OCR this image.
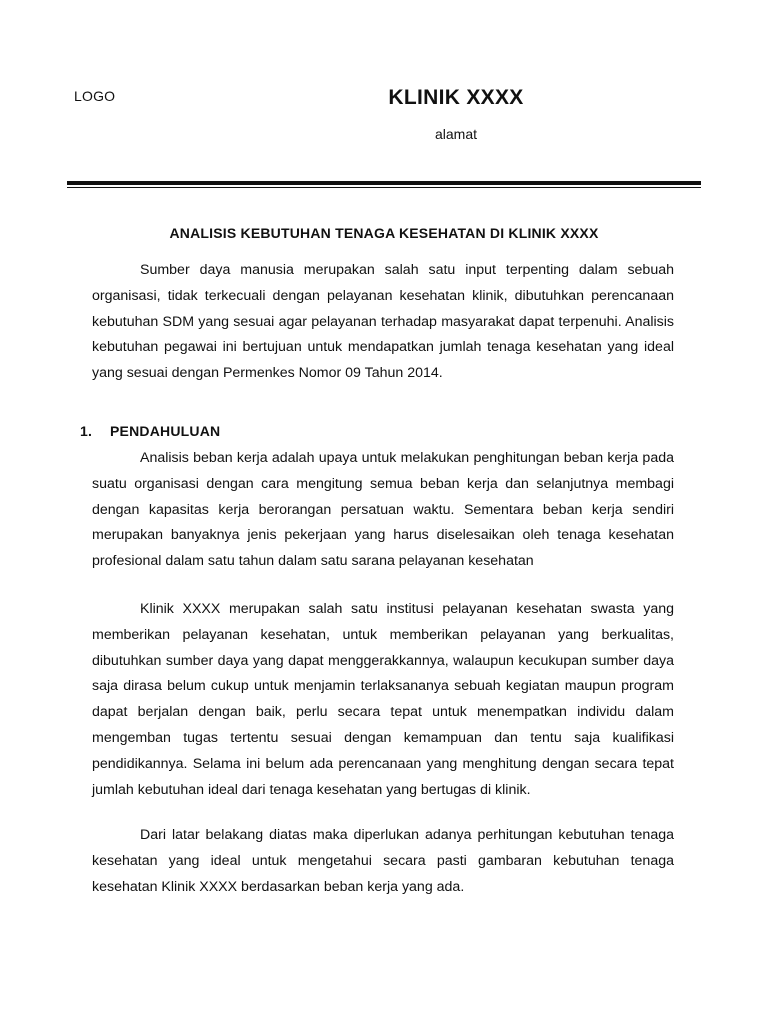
LOGO	KLINIK XXXX
alamat
ANALISIS KEBUTUHAN TENAGA KESEHATAN DI KLINIK XXXX

Sumber daya manusia merupakan salah satu input terpenting dalam sebuah organisasi, tidak terkecuali dengan pelayanan kesehatan klinik, dibutuhkan perencanaan kebutuhan SDM yang sesuai agar pelayanan terhadap masyarakat dapat terpenuhi. Analisis kebutuhan pegawai ini bertujuan untuk mendapatkan jumlah tenaga kesehatan yang ideal yang sesuai dengan Permenkes Nomor 09 Tahun 2014.

1. PENDAHULUAN

Analisis beban kerja adalah upaya untuk melakukan penghitungan beban kerja pada suatu organisasi dengan cara mengitung semua beban kerja dan selanjutnya membagi dengan kapasitas kerja berorangan persatuan waktu. Sementara beban kerja sendiri merupakan banyaknya jenis pekerjaan yang harus diselesaikan oleh tenaga kesehatan profesional dalam satu tahun dalam satu sarana pelayanan kesehatan

Klinik XXXX merupakan salah satu institusi pelayanan kesehatan swasta yang memberikan pelayanan kesehatan, untuk memberikan pelayanan yang berkualitas, dibutuhkan sumber daya yang dapat menggerakkannya, walaupun kecukupan sumber daya saja dirasa belum cukup untuk menjamin terlaksananya sebuah kegiatan maupun program dapat berjalan dengan baik, perlu secara tepat untuk menempatkan individu dalam mengemban tugas tertentu sesuai dengan kemampuan dan tentu saja kualifikasi pendidikannya. Selama ini belum ada perencanaan yang menghitung dengan secara tepat jumlah kebutuhan ideal dari tenaga kesehatan yang bertugas di klinik.

Dari latar belakang diatas maka diperlukan adanya perhitungan kebutuhan tenaga kesehatan yang ideal untuk mengetahui secara pasti gambaran kebutuhan tenaga kesehatan Klinik XXXX berdasarkan beban kerja yang ada.
